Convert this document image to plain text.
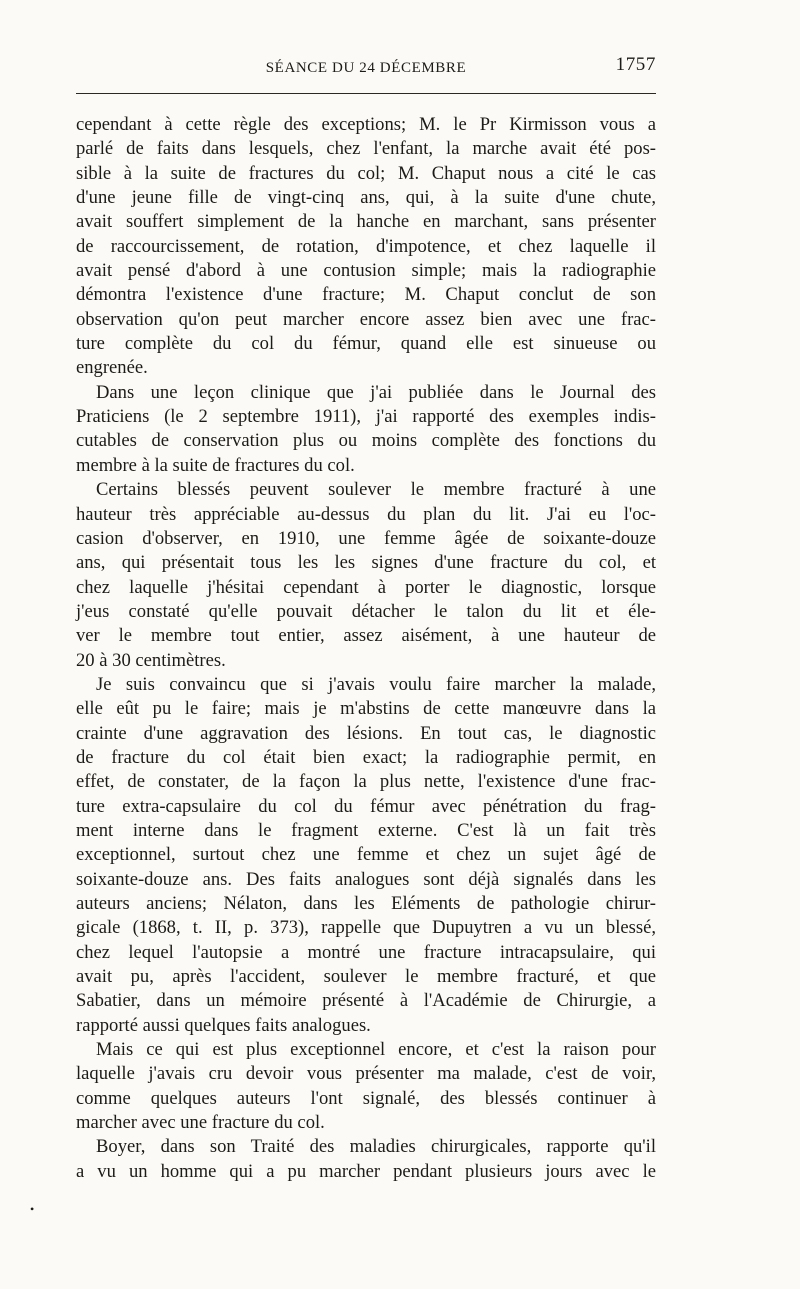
SÉANCE DU 24 DÉCEMBRE	1757
cependant à cette règle des exceptions; M. le Pr Kirmisson vous a
parlé de faits dans lesquels, chez l'enfant, la marche avait été pos-
sible à la suite de fractures du col; M. Chaput nous a cité le cas
d'une jeune fille de vingt-cinq ans, qui, à la suite d'une chute,
avait souffert simplement de la hanche en marchant, sans présenter
de raccourcissement, de rotation, d'impotence, et chez laquelle il
avait pensé d'abord à une contusion simple; mais la radiographie
démontra l'existence d'une fracture; M. Chaput conclut de son
observation qu'on peut marcher encore assez bien avec une frac-
ture complète du col du fémur, quand elle est sinueuse ou
engrenée.
Dans une leçon clinique que j'ai publiée dans le Journal des
Praticiens (le 2 septembre 1911), j'ai rapporté des exemples indis-
cutables de conservation plus ou moins complète des fonctions du
membre à la suite de fractures du col.
Certains blessés peuvent soulever le membre fracturé à une
hauteur très appréciable au-dessus du plan du lit. J'ai eu l'oc-
casion d'observer, en 1910, une femme âgée de soixante-douze
ans, qui présentait tous les les signes d'une fracture du col, et
chez laquelle j'hésitai cependant à porter le diagnostic, lorsque
j'eus constaté qu'elle pouvait détacher le talon du lit et éle-
ver le membre tout entier, assez aisément, à une hauteur de
20 à 30 centimètres.
Je suis convaincu que si j'avais voulu faire marcher la malade,
elle eût pu le faire; mais je m'abstins de cette manœuvre dans la
crainte d'une aggravation des lésions. En tout cas, le diagnostic
de fracture du col était bien exact; la radiographie permit, en
effet, de constater, de la façon la plus nette, l'existence d'une frac-
ture extra-capsulaire du col du fémur avec pénétration du frag-
ment interne dans le fragment externe. C'est là un fait très
exceptionnel, surtout chez une femme et chez un sujet âgé de
soixante-douze ans. Des faits analogues sont déjà signalés dans les
auteurs anciens; Nélaton, dans les Eléments de pathologie chirur-
gicale (1868, t. II, p. 373), rappelle que Dupuytren a vu un blessé,
chez lequel l'autopsie a montré une fracture intracapsulaire, qui
avait pu, après l'accident, soulever le membre fracturé, et que
Sabatier, dans un mémoire présenté à l'Académie de Chirurgie, a
rapporté aussi quelques faits analogues.
Mais ce qui est plus exceptionnel encore, et c'est la raison pour
laquelle j'avais cru devoir vous présenter ma malade, c'est de voir,
comme quelques auteurs l'ont signalé, des blessés continuer à
marcher avec une fracture du col.
Boyer, dans son Traité des maladies chirurgicales, rapporte qu'il
a vu un homme qui a pu marcher pendant plusieurs jours avec le
•
